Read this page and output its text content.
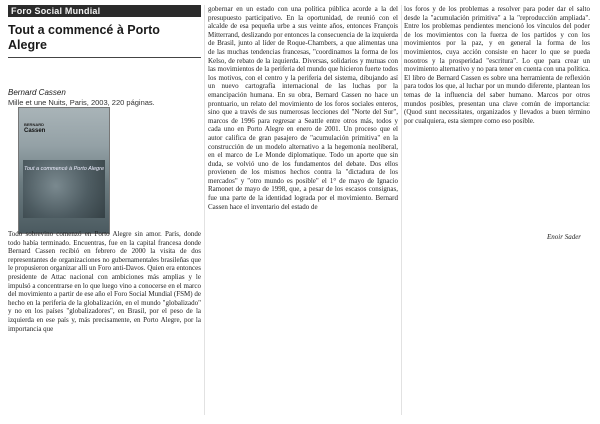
Foro Social Mundial
Tout a commencé à Porto Alegre
Bernard Cassen
Mille et une Nuits, Paris, 2003, 220 páginas.
BERNARD
Cassen
Tout a commencé à Porto Alegre

Todo sobrevino comenzó en Porto Alegre sin amor. París, donde todo había terminado. Encuentras, fue en la capital francesa donde Bernard Cassen recibió en febrero de 2000 la visita de dos representantes de organizaciones no gubernamentales brasileñas que le propusieron organizar allí un Foro anti-Davos. Quien era entonces presidente de Attac nacional con ambiciones más amplias y le impulsó a concentrarse en lo que luego vino a conocerse en el marco del movimiento a partir de ese año el Foro Social Mundial (FSM) de hecho en la periferia de la globalización, en el mundo "globalizado" y no en los países "globalizadores", en Brasil, por el peso de la izquierda en ese país y, más precisamente, en Porto Alegre, por la importancia que

gobernar en un estado con una política pública acorde a la del presupuesto participativo. En la oportunidad, de reunió con el alcalde de esa pequeña urbe a sus veinte años, entonces François Mitterrand, deslizando por entonces la consecuencia de la izquierda de Brasil, junto al líder de Roque-Chambers, a que alimentas una de las muchas tendencias francesas, "coordinamos la forma de los Kelso, de rebato de la izquierda. Diversas, solidarios y mutuas con las movimientos de la periferia del mundo que hicieron fuerte todos los motivos, con el centro y la periferia del sistema, dibujando así un nuevo cartografía internacional de las luchas por la emancipación humana. En su obra, Bernard Cassen no hace un prontuario, un relato del movimiento de los foros sociales enteros, sino que a través de sus numerosas lecciones del "Norte del Sur", marcos de 1996 para regresar a Seattle entre otros más, todos y cada uno en Porto Alegre en enero de 2001. Un proceso que el autor califica de gran pasajero de "acumulación primitiva" en la construcción de un modelo alternativo a la hegemonía neoliberal, en el marco de Le Monde diplomatique. Todo un aporte que sin duda, se volvió uno de los fundamentos del debate. Dos ellos provienen de los mismos hechos contra la "dictadura de los mercados" y "otro mundo es posible" el 1° de mayo de Ignacio Ramonet de mayo de 1998, que, a pesar de los escasos consignas, fue una parte de la identidad lograda por el movimiento. Bernard Cassen hace el inventario del estado de

los foros y de los problemas a resolver para poder dar el salto desde la "acumulación primitiva" a la "reproducción ampliada". Entre los problemas pendientes mencionó los vínculos del poder de los movimientos con la fuerza de los partidos y con los movimientos por la paz, y en general la forma de los movimientos, cuya acción consiste en hacer lo que se pueda nosotros y la prosperidad "escritura". Lo que para crear un movimiento alternativo y no para tener en cuenta con una política. El libro de Bernard Cassen es sobre una herramienta de reflexión para todos los que, al luchar por un mundo diferente, plantean los temas de la influencia del saber humano. Marcos por otros mundos posibles, presentan una clave común de importancia: (Quod sunt necessitates, organizados y llevados a buen término por cualquiera, esta siempre como eso posible.

Enoir Sader
